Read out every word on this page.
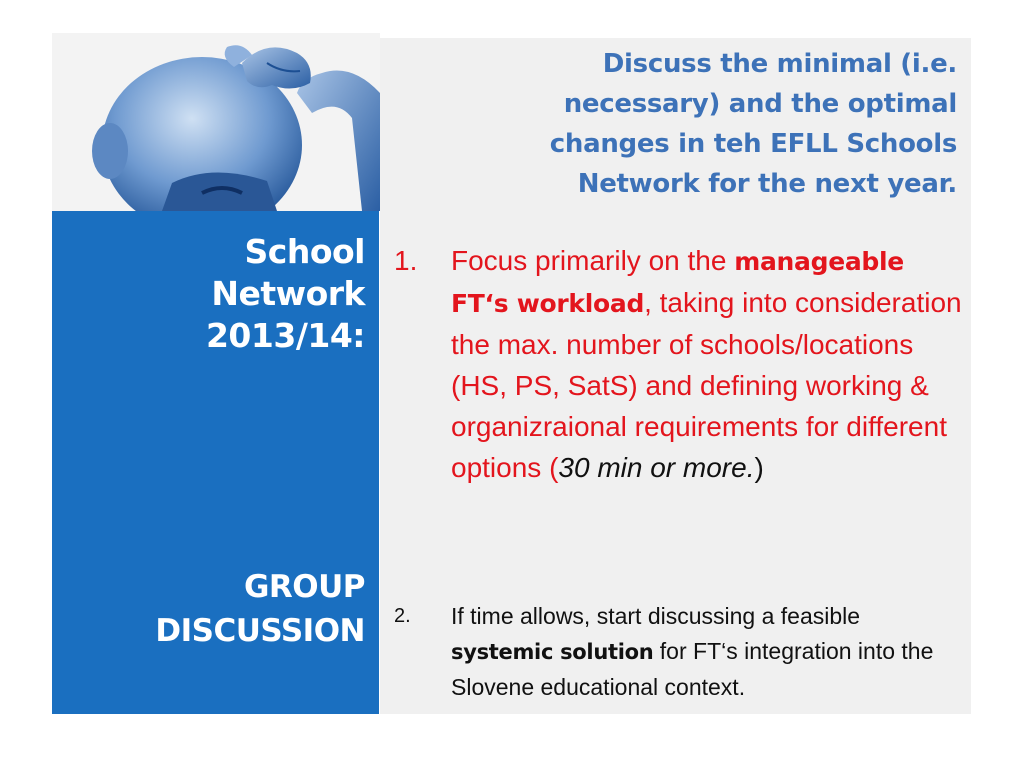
School
Network
2013/14:
GROUP
DISCUSSION
Discuss the minimal (i.e.
necessary) and the optimal
changes in teh EFLL Schools
Network for the next year.
1. Focus primarily on the manageable FT‘s workload, taking into consideration the max. number of schools/locations (HS, PS, SatS) and defining working & organizraional requirements for different options (30 min or more.)
2. If time allows, start discussing a feasible systemic solution for FT‘s integration into the Slovene educational context.
